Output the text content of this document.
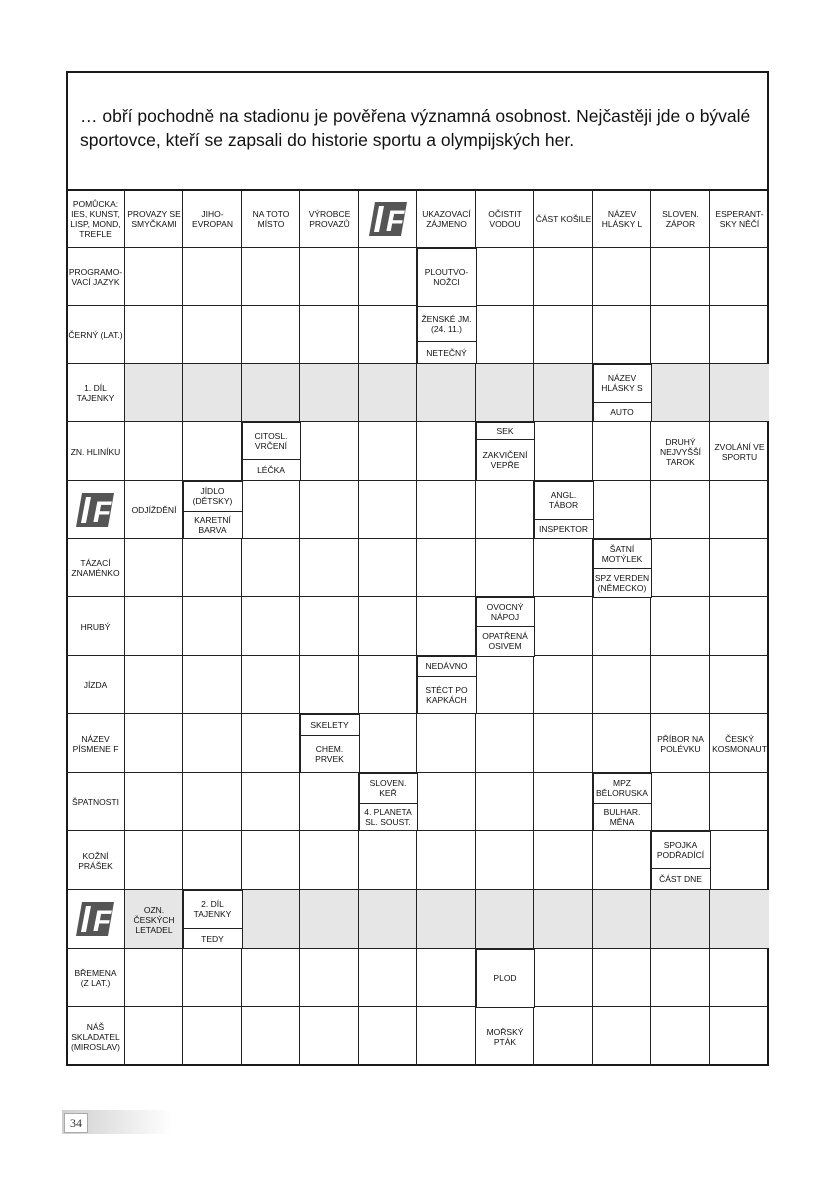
… obří pochodně na stadionu je pověřena významná osobnost. Nejčastěji jde o bývalé sportovce, kteří se zapsali do historie sportu a olympijských her.
F
F
F
POMŮCKA:
IES, KUNST,
LISP, MOND,
TREFLE
PROVAZY SE
SMYČKAMI
JIHO-
EVROPAN
NA TOTO
MÍSTO
VÝROBCE
PROVAZŮ
UKAZOVACÍ
ZÁJMENO
OČISTIT
VODOU	ČÁST KOŠILE	NÁZEV
HLÁSKY L
SLOVEN.
ZÁPOR
ESPERANT-
SKY NĚČÍ
PROGRAMO-
VACÍ JAZYK
ČERNÝ (LAT.)
1. DÍL
TAJENKY
ZN. HLINÍKU
TÁZACÍ
ZNAMÉNKO
HRUBÝ
JÍZDA
NÁZEV
PÍSMENE F
ŠPATNOSTI
KOŽNÍ
PRÁŠEK
BŘEMENA
(Z LAT.)
NÁŠ
SKLADATEL
(MIROSLAV)
PLOUTVO-
NOŽCI
ŽENSKÉ JM.
(24. 11.)
NETEČNÝ
NÁZEV
HLÁSKY S
AUTO
CITOSL.
VRČENÍ
LÉČKA
SEK
ZAKVIČENÍ
VEPŘE
DRUHÝ
NEJVYŠŠÍ
TAROK
ZVOLÁNÍ VE
SPORTU
ODJÍŽDĚNÍ
JÍDLO
(DĚTSKY)
KARETNÍ
BARVA
ANGL.
TÁBOR
INSPEKTOR
ŠATNÍ
MOTÝLEK
SPZ VERDEN
(NĚMECKO)
OVOCNÝ
NÁPOJ
OPATŘENÁ
OSIVEM
NEDÁVNO
STÉCT PO
KAPKÁCH
SKELETY
CHEM.
PRVEK
PŘÍBOR NA
POLÉVKU
ČESKÝ
KOSMONAUT
SLOVEN.
KEŘ
4. PLANETA
SL. SOUST.
MPZ
BĚLORUSKA
BULHAR.
MĚNA
SPOJKA
PODŘADÍCÍ
ČÁST DNE
OZN.
ČESKÝCH
LETADEL
2. DÍL
TAJENKY
TEDY
PLOD
MOŘSKÝ
PTÁK
34
